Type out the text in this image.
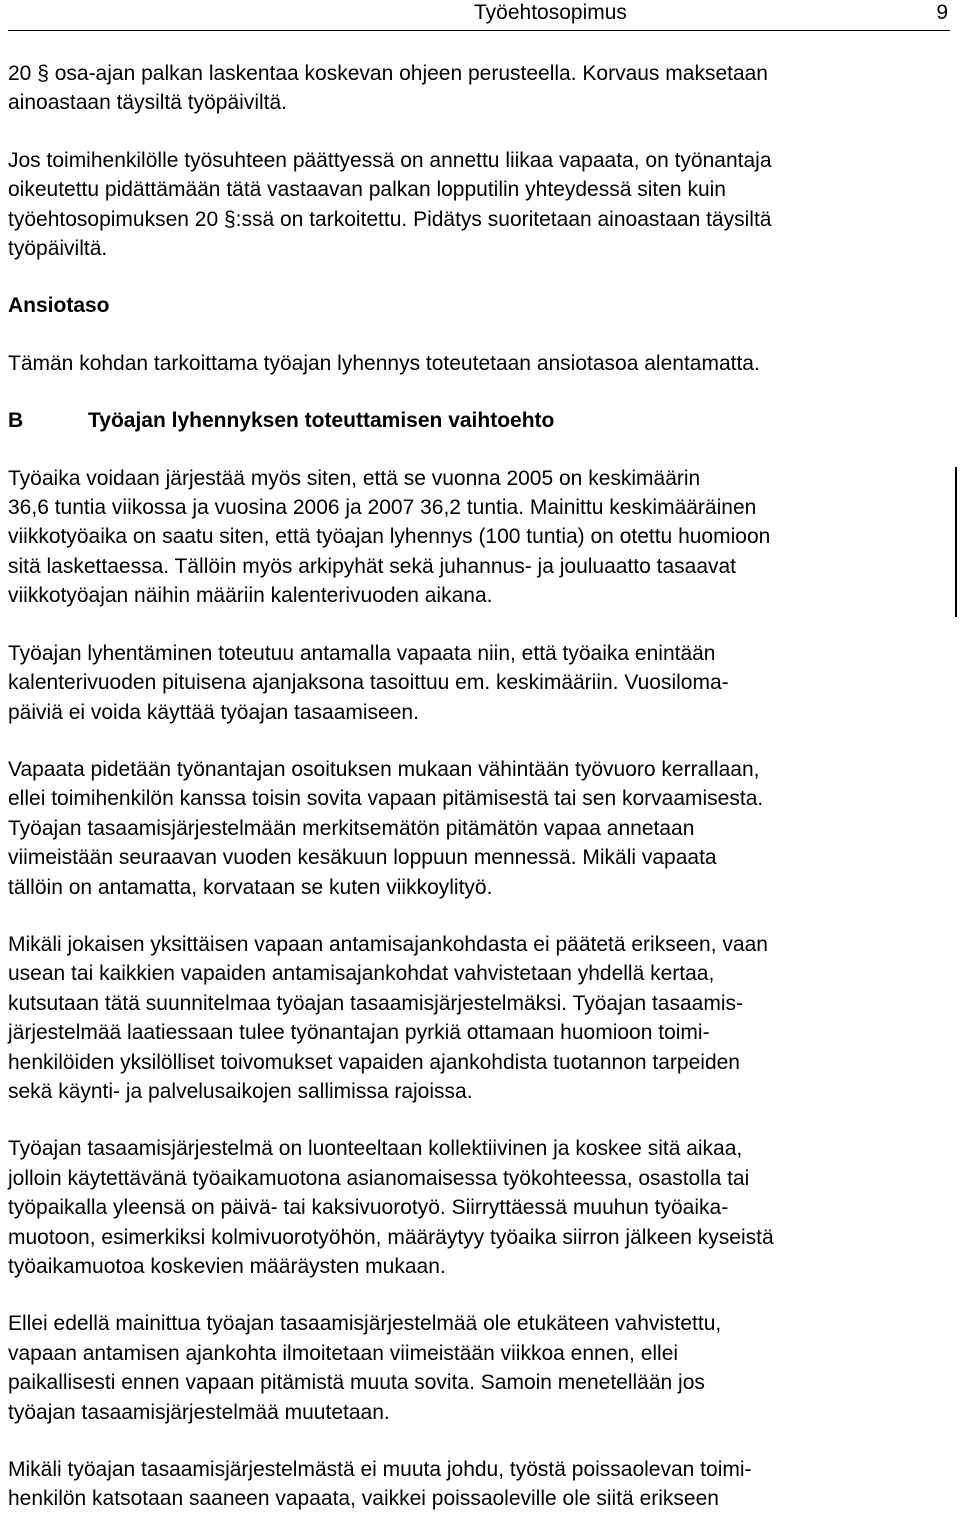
Työehtosopimus	9

20 § osa-ajan palkan laskentaa koskevan ohjeen perusteella. Korvaus maksetaan
ainoastaan täysiltä työpäiviltä.

Jos toimihenkilölle työsuhteen päättyessä on annettu liikaa vapaata, on työnantaja
oikeutettu pidättämään tätä vastaavan palkan lopputilin yhteydessä siten kuin
työehtosopimuksen 20 §:ssä on tarkoitettu. Pidätys suoritetaan ainoastaan täysiltä
työpäiviltä.

Ansiotaso

Tämän kohdan tarkoittama työajan lyhennys toteutetaan ansiotasoa alentamatta.

B	Työajan lyhennyksen toteuttamisen vaihtoehto

Työaika voidaan järjestää myös siten, että se vuonna 2005 on keskimäärin
36,6 tuntia viikossa ja vuosina 2006 ja 2007 36,2 tuntia. Mainittu keskimääräinen
viikkotyöaika on saatu siten, että työajan lyhennys (100 tuntia) on otettu huomioon
sitä laskettaessa. Tällöin myös arkipyhät sekä juhannus- ja jouluaatto tasaavat
viikkotyöajan näihin määriin kalenterivuoden aikana.

Työajan lyhentäminen toteutuu antamalla vapaata niin, että työaika enintään
kalenterivuoden pituisena ajanjaksona tasoittuu em. keskimääriin. Vuosiloma-
päiviä ei voida käyttää työajan tasaamiseen.

Vapaata pidetään työnantajan osoituksen mukaan vähintään työvuoro kerrallaan,
ellei toimihenkilön kanssa toisin sovita vapaan pitämisestä tai sen korvaamisesta.
Työajan tasaamisjärjestelmään merkitsemätön pitämätön vapaa annetaan
viimeistään seuraavan vuoden kesäkuun loppuun mennessä. Mikäli vapaata
tällöin on antamatta, korvataan se kuten viikkoylityö.

Mikäli jokaisen yksittäisen vapaan antamisajankohdasta ei päätetä erikseen, vaan
usean tai kaikkien vapaiden antamisajankohdat vahvistetaan yhdellä kertaa,
kutsutaan tätä suunnitelmaa työajan tasaamisjärjestelmäksi. Työajan tasaamis-
järjestelmää laatiessaan tulee työnantajan pyrkiä ottamaan huomioon toimi-
henkilöiden yksilölliset toivomukset vapaiden ajankohdista tuotannon tarpeiden
sekä käynti- ja palvelusaikojen sallimissa rajoissa.

Työajan tasaamisjärjestelmä on luonteeltaan kollektiivinen ja koskee sitä aikaa,
jolloin käytettävänä työaikamuotona asianomaisessa työkohteessa, osastolla tai
työpaikalla yleensä on päivä- tai kaksivuorotyö. Siirryttäessä muuhun työaika-
muotoon, esimerkiksi kolmivuorotyöhön, määräytyy työaika siirron jälkeen kyseistä
työaikamuotoa koskevien määräysten mukaan.

Ellei edellä mainittua työajan tasaamisjärjestelmää ole etukäteen vahvistettu,
vapaan antamisen ajankohta ilmoitetaan viimeistään viikkoa ennen, ellei
paikallisesti ennen vapaan pitämistä muuta sovita. Samoin menetellään jos
työajan tasaamisjärjestelmää muutetaan.

Mikäli työajan tasaamisjärjestelmästä ei muuta johdu, työstä poissaolevan toimi-
henkilön katsotaan saaneen vapaata, vaikkei poissaoleville ole siitä erikseen
